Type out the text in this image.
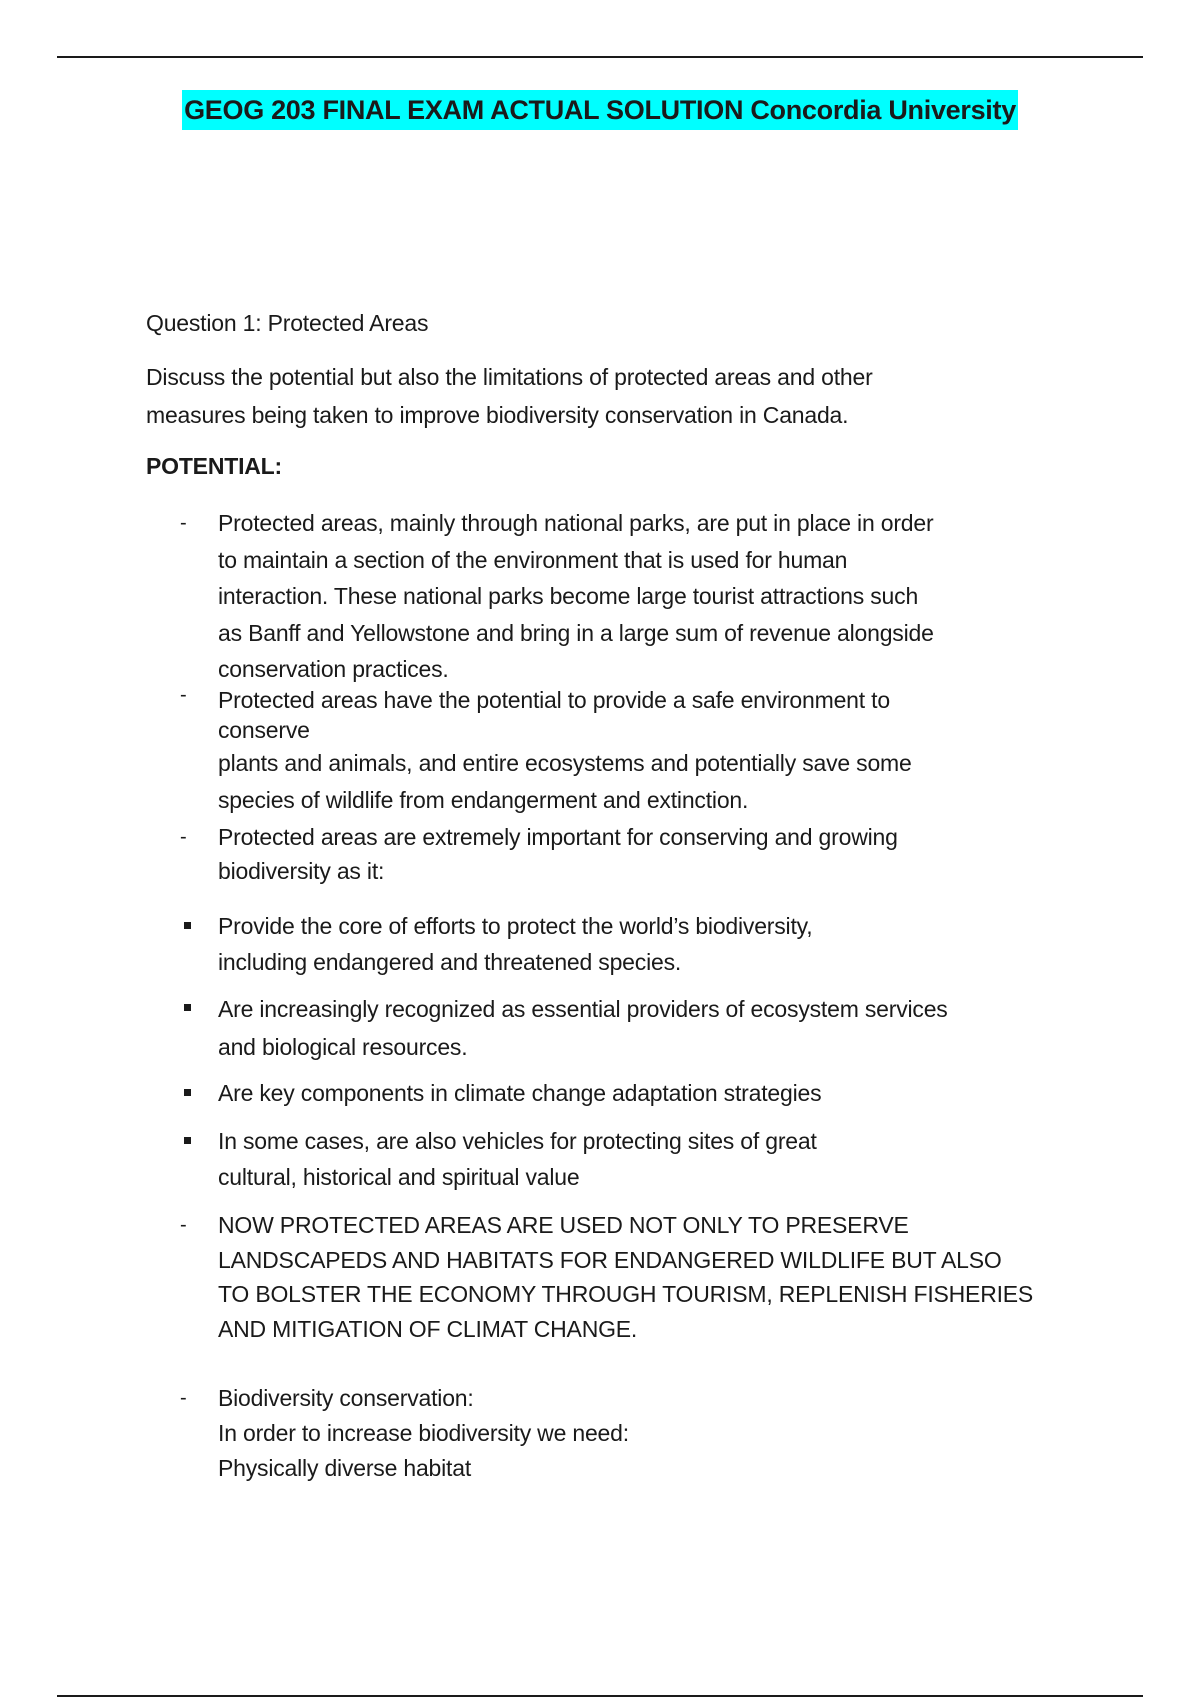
GEOG 203 FINAL EXAM ACTUAL SOLUTION Concordia University
Question 1: Protected Areas
Discuss the potential but also the limitations of protected areas and other
measures being taken to improve biodiversity conservation in Canada.
POTENTIAL:
-	Protected areas, mainly through national parks, are put in place in order
to maintain a section of the environment that is used for human
interaction. These national parks become large tourist attractions such
as Banff and Yellowstone and bring in a large sum of revenue alongside
conservation practices.
-	Protected areas have the potential to provide a safe environment to
conserve
plants and animals, and entire ecosystems and potentially save some
species of wildlife from endangerment and extinction.
-	Protected areas are extremely important for conserving and growing
biodiversity as it:
Provide the core of efforts to protect the world’s biodiversity,
including endangered and threatened species.
Are increasingly recognized as essential providers of ecosystem services
and biological resources.
Are key components in climate change adaptation strategies
In some cases, are also vehicles for protecting sites of great
cultural, historical and spiritual value
-	NOW PROTECTED AREAS ARE USED NOT ONLY TO PRESERVE
LANDSCAPEDS AND HABITATS FOR ENDANGERED WILDLIFE BUT ALSO
TO BOLSTER THE ECONOMY THROUGH TOURISM, REPLENISH FISHERIES
AND MITIGATION OF CLIMAT CHANGE.
-	Biodiversity conservation:
In order to increase biodiversity we need:
Physically diverse habitat
